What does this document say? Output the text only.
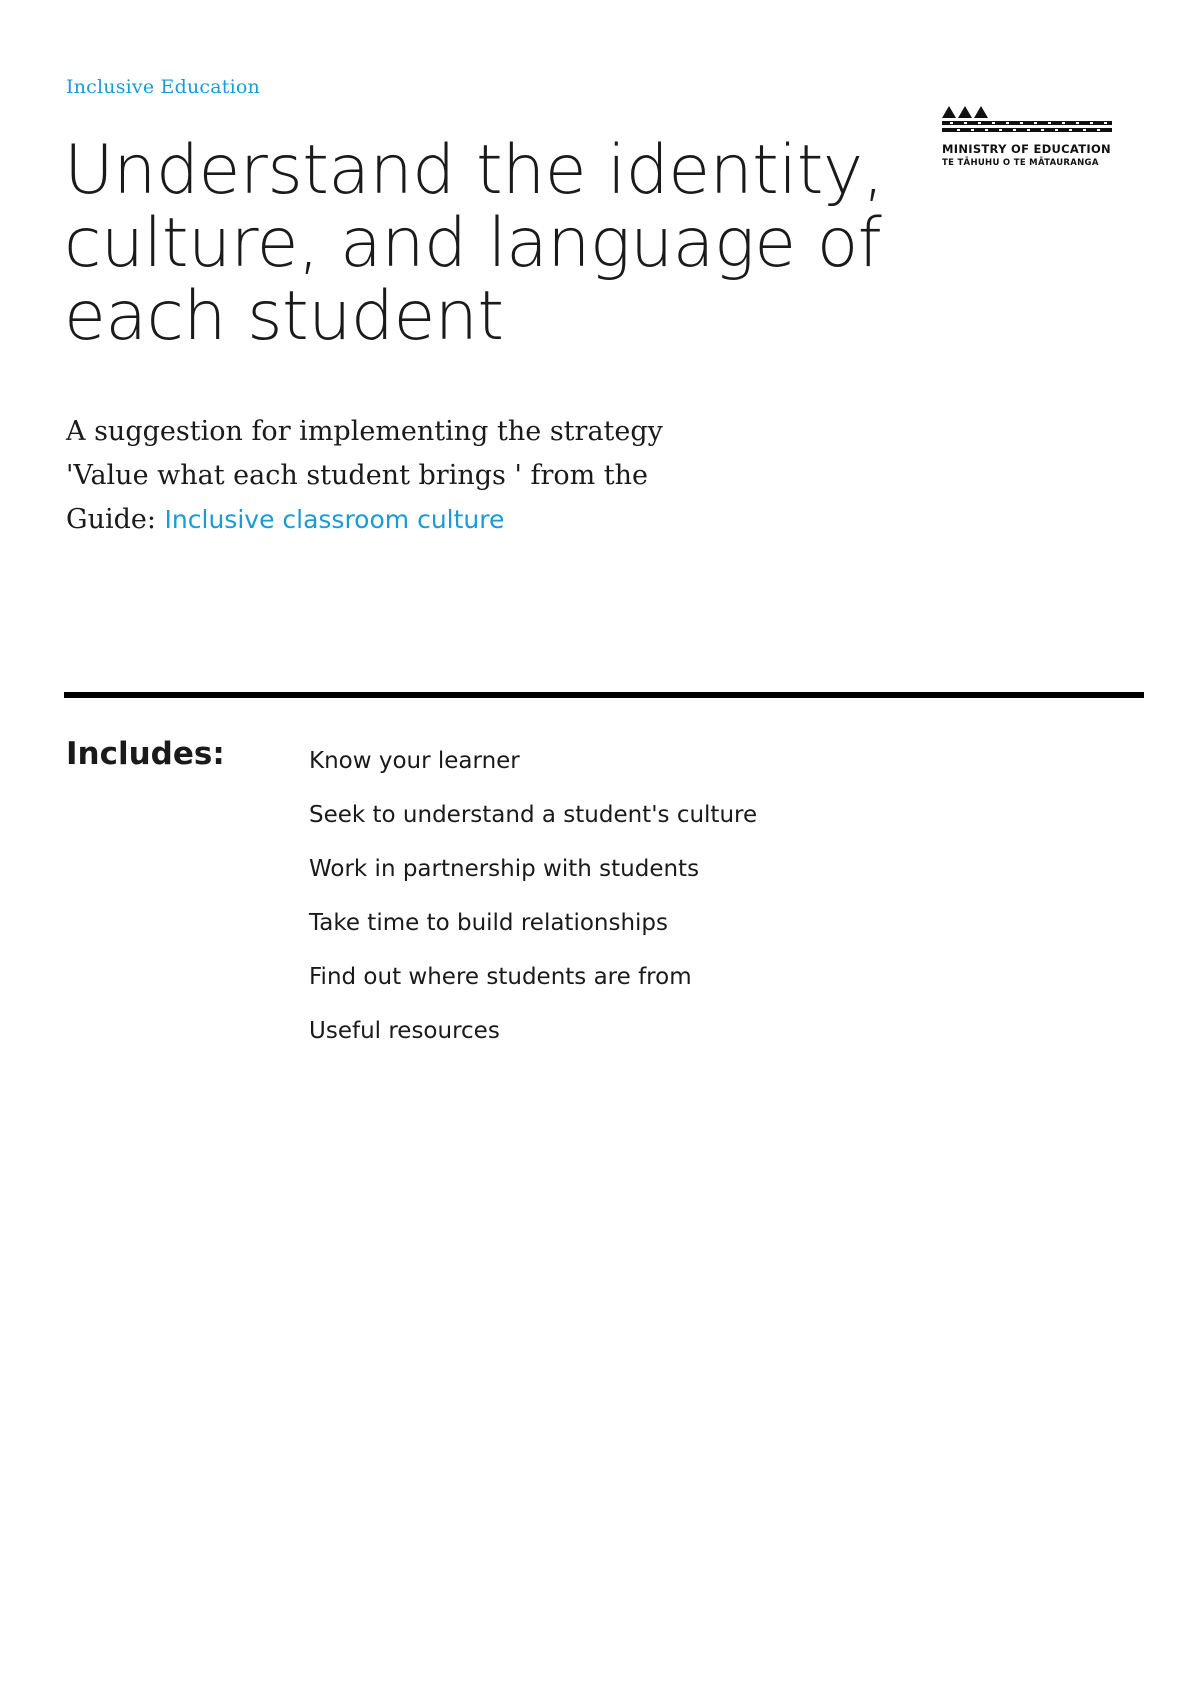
Inclusive Education
MINISTRY OF EDUCATION
TE TĀHUHU O TE MĀTAURANGA
Understand the identity,
culture, and language of
each student
A suggestion for implementing the strategy
'Value what each student brings ' from the
Guide: Inclusive classroom culture
Includes:	Know your learner
Seek to understand a student's culture
Work in partnership with students
Take time to build relationships
Find out where students are from
Useful resources
